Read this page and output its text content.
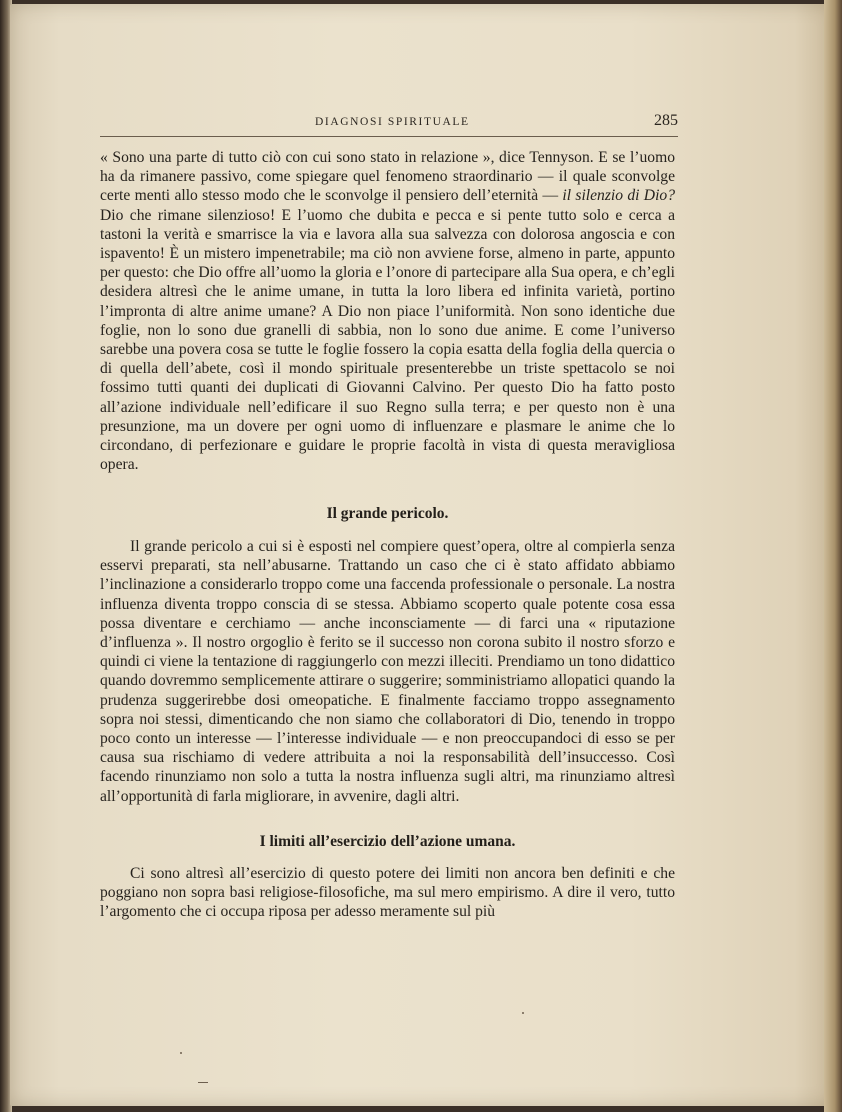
DIAGNOSI SPIRITUALE	285

« Sono una parte di tutto ciò con cui sono stato in relazione », dice Tennyson. E se l’uomo ha da rimanere passivo, come spiegare quel fenomeno straordinario — il quale sconvolge certe menti allo stesso modo che le sconvolge il pensiero dell’eternità — il silenzio di Dio? Dio che rimane silenzioso! E l’uomo che dubita e pecca e si pente tutto solo e cerca a tastoni la verità e smarrisce la via e lavora alla sua salvezza con dolorosa angoscia e con ispavento! È un mistero impenetrabile; ma ciò non avviene forse, almeno in parte, appunto per questo: che Dio offre all’uomo la gloria e l’onore di partecipare alla Sua opera, e ch’egli desidera altresì che le anime umane, in tutta la loro libera ed infinita varietà, portino l’impronta di altre anime umane? A Dio non piace l’uniformità. Non sono identiche due foglie, non lo sono due granelli di sabbia, non lo sono due anime. E come l’universo sarebbe una povera cosa se tutte le foglie fossero la copia esatta della foglia della quercia o di quella dell’abete, così il mondo spirituale presenterebbe un triste spettacolo se noi fossimo tutti quanti dei duplicati di Giovanni Calvino. Per questo Dio ha fatto posto all’azione individuale nell’edificare il suo Regno sulla terra; e per questo non è una presunzione, ma un dovere per ogni uomo di influenzare e plasmare le anime che lo circondano, di perfezionare e guidare le proprie facoltà in vista di questa meravigliosa opera.

Il grande pericolo.

Il grande pericolo a cui si è esposti nel compiere quest’opera, oltre al compierla senza esservi preparati, sta nell’abusarne. Trattando un caso che ci è stato affidato abbiamo l’inclinazione a considerarlo troppo come una faccenda professionale o personale. La nostra influenza diventa troppo conscia di se stessa. Abbiamo scoperto quale potente cosa essa possa diventare e cerchiamo — anche inconsciamente — di farci una « riputazione d’influenza ». Il nostro orgoglio è ferito se il successo non corona subito il nostro sforzo e quindi ci viene la tentazione di raggiungerlo con mezzi illeciti. Prendiamo un tono didattico quando dovremmo semplicemente attirare o suggerire; somministriamo allopatici quando la prudenza suggerirebbe dosi omeopatiche. E finalmente facciamo troppo assegnamento sopra noi stessi, dimenticando che non siamo che collaboratori di Dio, tenendo in troppo poco conto un interesse — l’interesse individuale — e non preoccupandoci di esso se per causa sua rischiamo di vedere attribuita a noi la responsabilità dell’insuccesso. Così facendo rinunziamo non solo a tutta la nostra influenza sugli altri, ma rinunziamo altresì all’opportunità di farla migliorare, in avvenire, dagli altri.

I limiti all’esercizio dell’azione umana.

Ci sono altresì all’esercizio di questo potere dei limiti non ancora ben definiti e che poggiano non sopra basi religiose-filosofiche, ma sul mero empirismo. A dire il vero, tutto l’argomento che ci occupa riposa per adesso meramente sul più
